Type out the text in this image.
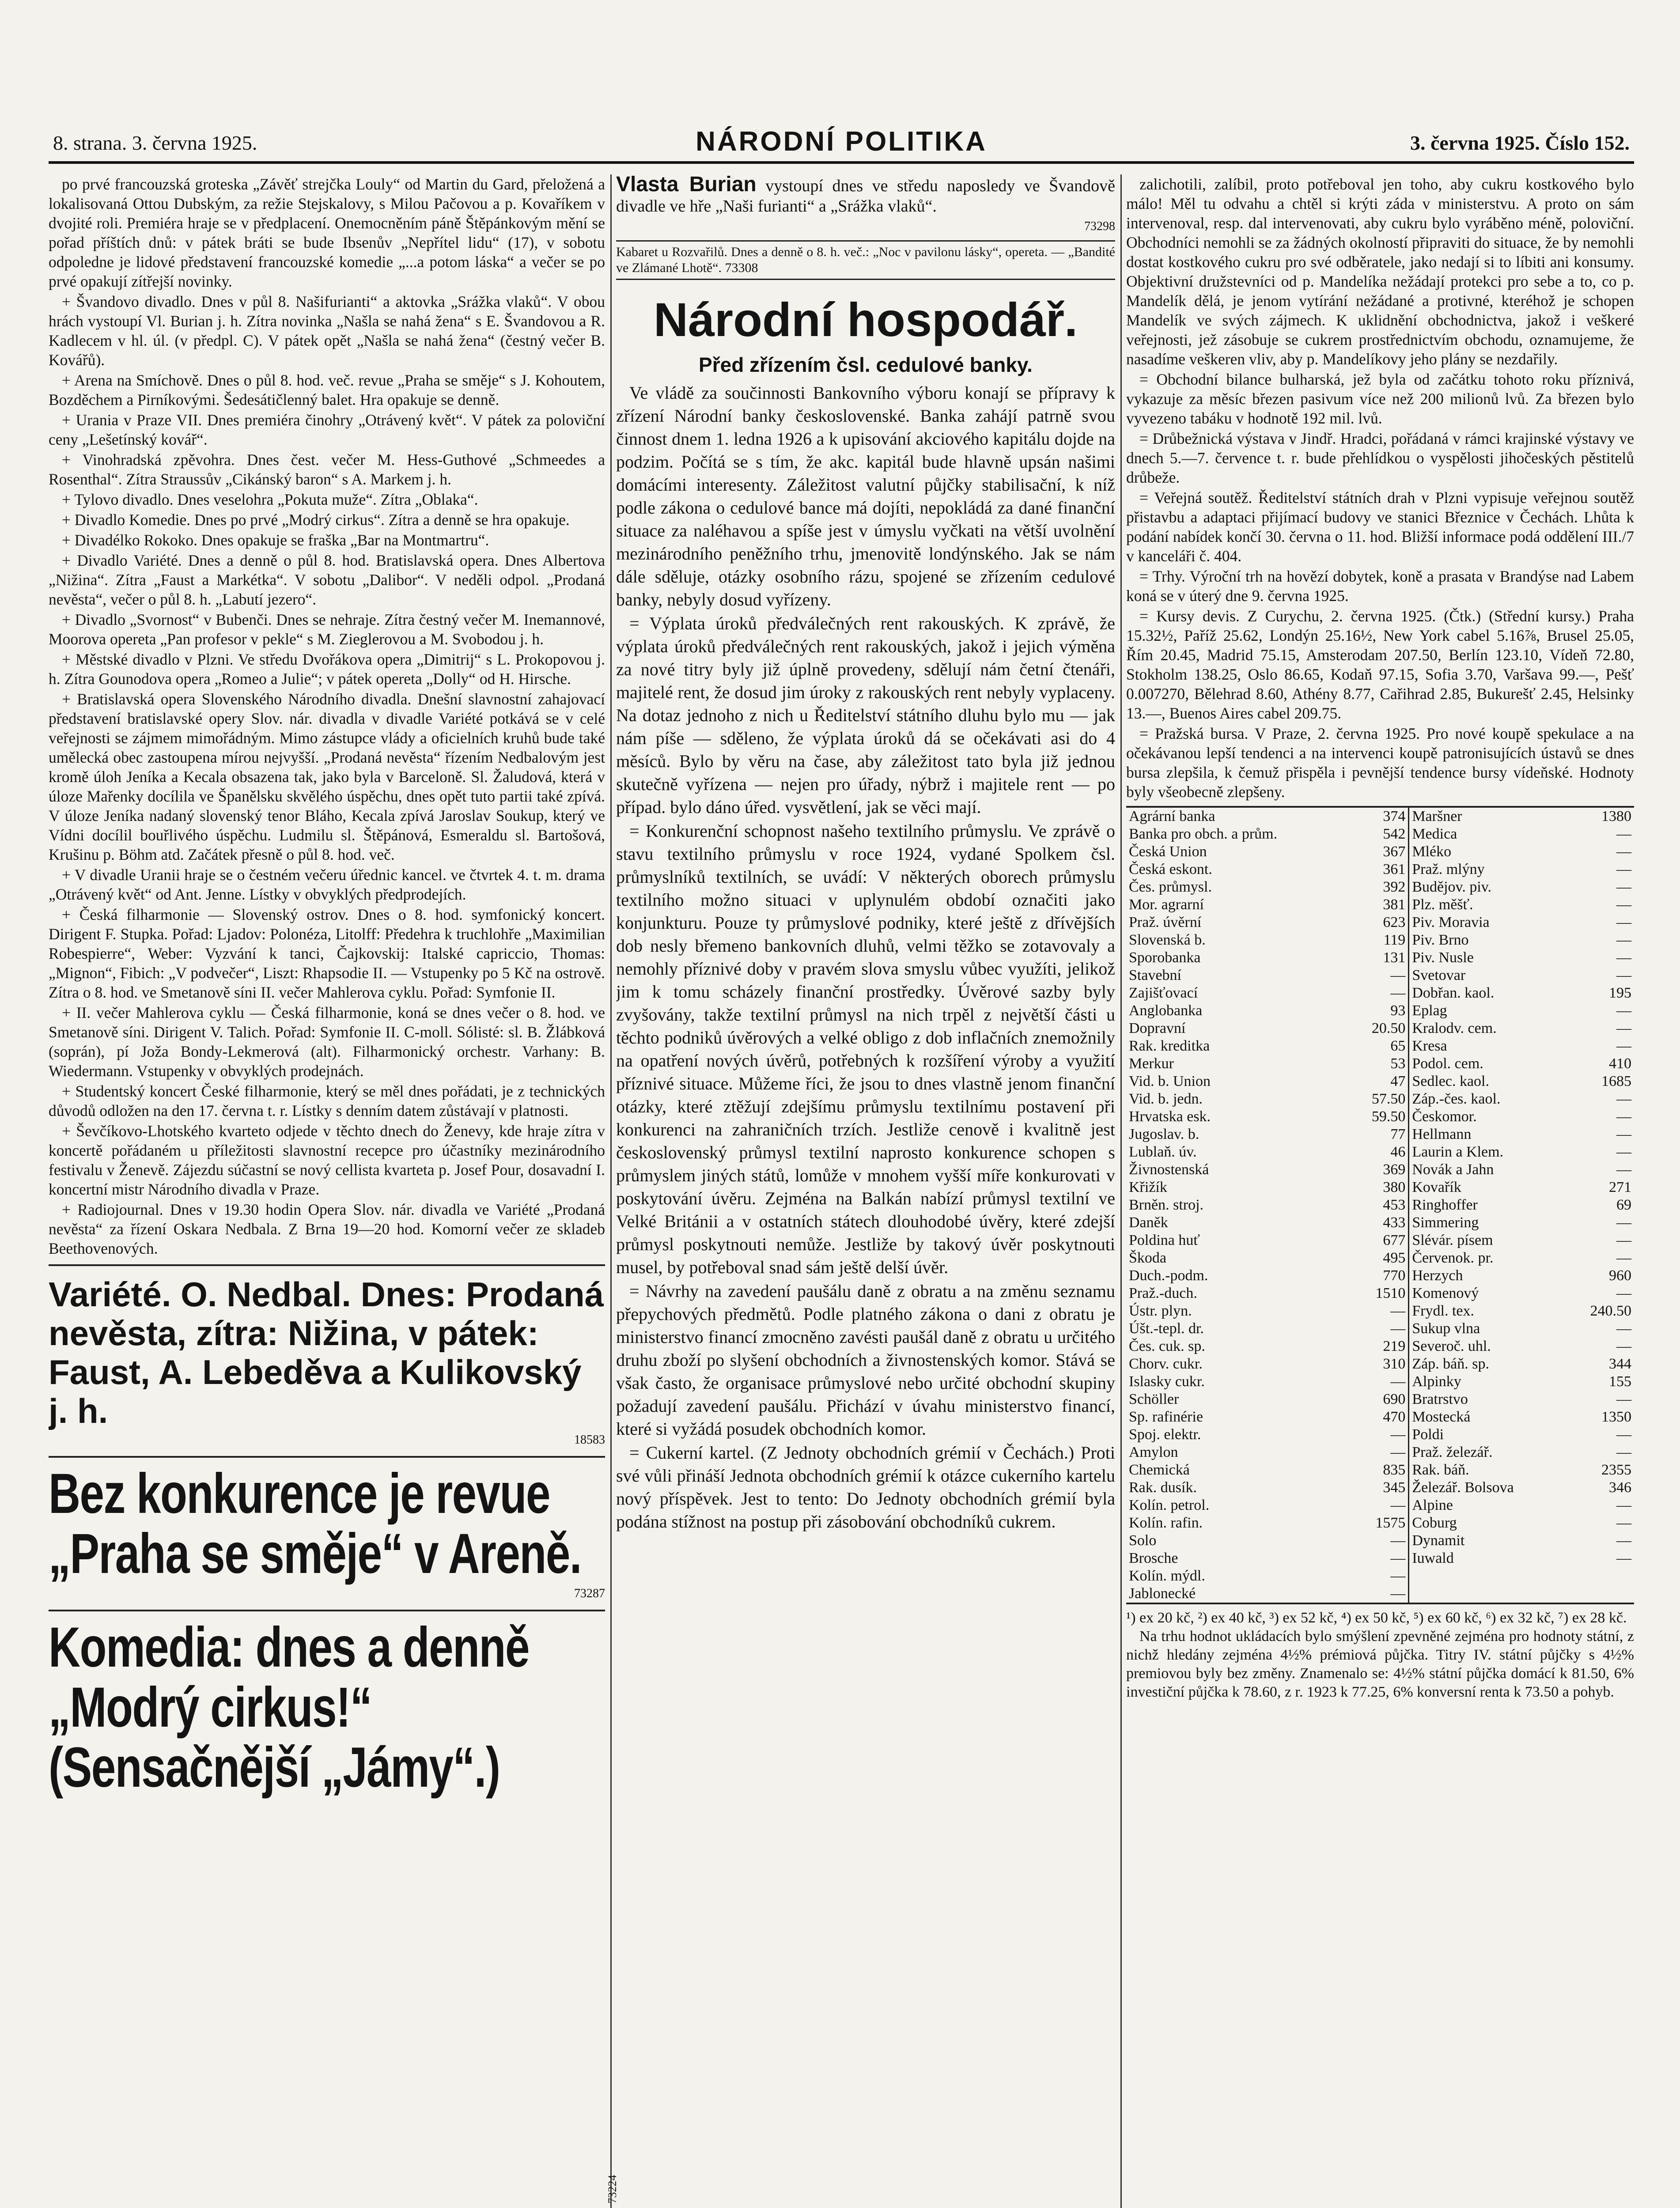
8. strana. 3. června 1925.	NÁRODNÍ POLITIKA	3. června 1925. Číslo 152.

po prvé francouzská groteska „Závěť strejčka Louly“ od Martin du Gard, přeložená a lokalisovaná Ottou Dubským, za režie Stejskalovy, s Milou Pačovou a p. Kovaříkem v dvojité roli. Premiéra hraje se v předplacení. Onemocněním páně Štěpánkovým mění se pořad příštích dnů: v pátek bráti se bude Ibsenův „Nepřítel lidu“ (17), v sobotu odpoledne je lidové představení francouzské komedie „...a potom láska“ a večer se po prvé opakují zítřejší novinky.

+ Švandovo divadlo. Dnes v půl 8. Našifurianti“ a aktovka „Srážka vlaků“. V obou hrách vystoupí Vl. Burian j. h. Zítra novinka „Našla se nahá žena“ s E. Švandovou a R. Kadlecem v hl. úl. (v předpl. C). V pátek opět „Našla se nahá žena“ (čestný večer B. Kovářů).

+ Arena na Smíchově. Dnes o půl 8. hod. več. revue „Praha se směje“ s J. Kohoutem, Bozděchem a Pirníkovými. Šedesátičlenný balet. Hra opakuje se denně.

+ Urania v Praze VII. Dnes premiéra činohry „Otrávený květ“. V pátek za poloviční ceny „Lešetínský kovář“.

+ Vinohradská zpěvohra. Dnes čest. večer M. Hess-Guthové „Schmeedes a Rosenthal“. Zítra Straussův „Cikánský baron“ s A. Markem j. h.

+ Tylovo divadlo. Dnes veselohra „Pokuta muže“. Zítra „Oblaka“.

+ Divadlo Komedie. Dnes po prvé „Modrý cirkus“. Zítra a denně se hra opakuje.

+ Divadélko Rokoko. Dnes opakuje se fraška „Bar na Montmartru“.

+ Divadlo Variété. Dnes a denně o půl 8. hod. Bratislavská opera. Dnes Albertova „Nižina“. Zítra „Faust a Markétka“. V sobotu „Dalibor“. V neděli odpol. „Prodaná nevěsta“, večer o půl 8. h. „Labutí jezero“.

+ Divadlo „Svornost“ v Bubenči. Dnes se nehraje. Zítra čestný večer M. Inemannové, Moorova opereta „Pan profesor v pekle“ s M. Zieglerovou a M. Svobodou j. h.

+ Městské divadlo v Plzni. Ve středu Dvořákova opera „Dimitrij“ s L. Prokopovou j. h. Zítra Gounodova opera „Romeo a Julie“; v pátek opereta „Dolly“ od H. Hirsche.

+ Bratislavská opera Slovenského Národního divadla. Dnešní slavnostní zahajovací představení bratislavské opery Slov. nár. divadla v divadle Variété potkává se v celé veřejnosti se zájmem mimořádným. Mimo zástupce vlády a oficielních kruhů bude také umělecká obec zastoupena mírou nejvyšší. „Prodaná nevěsta“ řízením Nedbalovým jest kromě úloh Jeníka a Kecala obsazena tak, jako byla v Barceloně. Sl. Žaludová, která v úloze Mařenky docílila ve Španělsku skvělého úspěchu, dnes opět tuto partii také zpívá. V úloze Jeníka nadaný slovenský tenor Bláho, Kecala zpívá Jaroslav Soukup, který ve Vídni docílil bouřlivého úspěchu. Ludmilu sl. Štěpánová, Esmeraldu sl. Bartošová, Krušinu p. Böhm atd. Začátek přesně o půl 8. hod. več.

+ V divadle Uranii hraje se o čestném večeru úřednic kancel. ve čtvrtek 4. t. m. drama „Otrávený květ“ od Ant. Jenne. Lístky v obvyklých předprodejích.

+ Česká filharmonie — Slovenský ostrov. Dnes o 8. hod. symfonický koncert. Dirigent F. Stupka. Pořad: Ljadov: Polonéza, Litolff: Předehra k truchlohře „Maximilian Robespierre“, Weber: Vyzvání k tanci, Čajkovskij: Italské capriccio, Thomas: „Mignon“, Fibich: „V podvečer“, Liszt: Rhapsodie II. — Vstupenky po 5 Kč na ostrově. Zítra o 8. hod. ve Smetanově síni II. večer Mahlerova cyklu. Pořad: Symfonie II.

+ II. večer Mahlerova cyklu — Česká filharmonie, koná se dnes večer o 8. hod. ve Smetanově síni. Dirigent V. Talich. Pořad: Symfonie II. C-moll. Sólisté: sl. B. Žlábková (soprán), pí Joža Bondy-Lekmerová (alt). Filharmonický orchestr. Varhany: B. Wiedermann. Vstupenky v obvyklých prodejnách.

+ Studentský koncert České filharmonie, který se měl dnes pořádati, je z technických důvodů odložen na den 17. června t. r. Lístky s denním datem zůstávají v platnosti.

+ Ševčíkovo-Lhotského kvarteto odjede v těchto dnech do Ženevy, kde hraje zítra v koncertě pořádaném u příležitosti slavnostní recepce pro účastníky mezinárodního festivalu v Ženevě. Zájezdu súčastní se nový cellista kvarteta p. Josef Pour, dosavadní I. koncertní mistr Národního divadla v Praze.

+ Radiojournal. Dnes v 19.30 hodin Opera Slov. nár. divadla ve Variété „Prodaná nevěsta“ za řízení Oskara Nedbala. Z Brna 19—20 hod. Komorní večer ze skladeb Beethovenových.

Variété. O. Nedbal. Dnes: Prodaná nevěsta, zítra: Nižina, v pátek: Faust, A. Lebeděva a Kulikovský j. h.
18583
Bez konkurence je revue „Praha se směje“ v Areně.
73287
Komedia: dnes a denně „Modrý cirkus!“ (Sensačnější „Jámy“.)
73224
Vlasta Burian vystoupí dnes ve středu naposledy ve Švandově divadle ve hře „Naši furianti“ a „Srážka vlaků“.
73298
Kabaret u Rozvařilů. Dnes a denně o 8. h. več.: „Noc v pavilonu lásky“, opereta. — „Bandité ve Zlámané Lhotě“. 73308
Národní hospodář.
Před zřízením čsl. cedulové banky.

Ve vládě za součinnosti Bankovního výboru konají se přípravy k zřízení Národní banky československé. Banka zahájí patrně svou činnost dnem 1. ledna 1926 a k upisování akciového kapitálu dojde na podzim. Počítá se s tím, že akc. kapitál bude hlavně upsán našimi domácími interesenty. Záležitost valutní půjčky stabilisační, k níž podle zákona o cedulové bance má dojíti, nepokládá za dané finanční situace za naléhavou a spíše jest v úmyslu vyčkati na větší uvolnění mezinárodního peněžního trhu, jmenovitě londýnského. Jak se nám dále sděluje, otázky osobního rázu, spojené se zřízením cedulové banky, nebyly dosud vyřízeny.

= Výplata úroků předválečných rent rakouských. K zprávě, že výplata úroků předválečných rent rakouských, jakož i jejich výměna za nové titry byly již úplně provedeny, sdělují nám četní čtenáři, majitelé rent, že dosud jim úroky z rakouských rent nebyly vyplaceny. Na dotaz jednoho z nich u Ředitelství státního dluhu bylo mu — jak nám píše — sděleno, že výplata úroků dá se očekávati asi do 4 měsíců. Bylo by věru na čase, aby záležitost tato byla již jednou skutečně vyřízena — nejen pro úřady, nýbrž i majitele rent — po případ. bylo dáno úřed. vysvětlení, jak se věci mají.

= Konkurenční schopnost našeho textilního průmyslu. Ve zprávě o stavu textilního průmyslu v roce 1924, vydané Spolkem čsl. průmyslníků textilních, se uvádí: V některých oborech průmyslu textilního možno situaci v uplynulém období označiti jako konjunkturu. Pouze ty průmyslové podniky, které ještě z dřívějších dob nesly břemeno bankovních dluhů, velmi těžko se zotavovaly a nemohly příznivé doby v pravém slova smyslu vůbec využíti, jelikož jim k tomu scházely finanční prostředky. Úvěrové sazby byly zvyšovány, takže textilní průmysl na nich trpěl z největší části u těchto podniků úvěrových a velké obligo z dob inflačních znemožnily na opatření nových úvěrů, potřebných k rozšíření výroby a využití příznivé situace. Můžeme říci, že jsou to dnes vlastně jenom finanční otázky, které ztěžují zdejšímu průmyslu textilnímu postavení při konkurenci na zahraničních trzích. Jestliže cenově i kvalitně jest československý průmysl textilní naprosto konkurence schopen s průmyslem jiných států, lomůže v mnohem vyšší míře konkurovati v poskytování úvěru. Zejména na Balkán nabízí průmysl textilní ve Velké Británii a v ostatních státech dlouhodobé úvěry, které zdejší průmysl poskytnouti nemůže. Jestliže by takový úvěr poskytnouti musel, by potřeboval snad sám ještě delší úvěr.

= Návrhy na zavedení paušálu daně z obratu a na změnu seznamu přepychových předmětů. Podle platného zákona o dani z obratu je ministerstvo financí zmocněno zavésti paušál daně z obratu u určitého druhu zboží po slyšení obchodních a živnostenských komor. Stává se však často, že organisace průmyslové nebo určité obchodní skupiny požadují zavedení paušálu. Přichází v úvahu ministerstvo financí, které si vyžádá posudek obchodních komor.

= Cukerní kartel. (Z Jednoty obchodních grémií v Čechách.) Proti své vůli přináší Jednota obchodních grémií k otázce cukerního kartelu nový příspěvek. Jest to tento: Do Jednoty obchodních grémií byla podána stížnost na postup při zásobování obchodníků cukrem.

zalichotili, zalíbil, proto potřeboval jen toho, aby cukru kostkového bylo málo! Měl tu odvahu a chtěl si krýti záda v ministerstvu. A proto on sám intervenoval, resp. dal intervenovati, aby cukru bylo vyráběno méně, poloviční. Obchodníci nemohli se za žádných okolností připraviti do situace, že by nemohli dostat kostkového cukru pro své odběratele, jako nedají si to líbiti ani konsumy. Objektivní družstevníci od p. Mandelíka nežádají protekci pro sebe a to, co p. Mandelík dělá, je jenom vytírání nežádané a protivné, kteréhož je schopen Mandelík ve svých zájmech. K uklidnění obchodnictva, jakož i veškeré veřejnosti, jež zásobuje se cukrem prostřednictvím obchodu, oznamujeme, že nasadíme veškeren vliv, aby p. Mandelíkovy jeho plány se nezdařily.

= Obchodní bilance bulharská, jež byla od začátku tohoto roku příznivá, vykazuje za měsíc březen pasivum více než 200 milionů lvů. Za březen bylo vyvezeno tabáku v hodnotě 192 mil. lvů.

= Drůbežnická výstava v Jindř. Hradci, pořádaná v rámci krajinské výstavy ve dnech 5.—7. července t. r. bude přehlídkou o vyspělosti jihočeských pěstitelů drůbeže.

= Veřejná soutěž. Ředitelství státních drah v Plzni vypisuje veřejnou soutěž přistavbu a adaptaci přijímací budovy ve stanici Březnice v Čechách. Lhůta k podání nabídek končí 30. června o 11. hod. Bližší informace podá oddělení III./7 v kanceláři č. 404.

= Trhy. Výroční trh na hovězí dobytek, koně a prasata v Brandýse nad Labem koná se v úterý dne 9. června 1925.

= Kursy devis. Z Curychu, 2. června 1925. (Čtk.) (Střední kursy.) Praha 15.32½, Paříž 25.62, Londýn 25.16½, New York cabel 5.16⅞, Brusel 25.05, Řím 20.45, Madrid 75.15, Amsterodam 207.50, Berlín 123.10, Vídeň 72.80, Stokholm 138.25, Oslo 86.65, Kodaň 97.15, Sofia 3.70, Varšava 99.—, Pešť 0.007270, Bělehrad 8.60, Athény 8.77, Cařihrad 2.85, Bukurešť 2.45, Helsinky 13.—, Buenos Aires cabel 209.75.

= Pražská bursa. V Praze, 2. června 1925. Pro nové koupě spekulace a na očekávanou lepší tendenci a na intervenci koupě patronisujících ústavů se dnes bursa zlepšila, k čemuž přispěla i pevnější tendence bursy vídeňské. Hodnoty byly všeobecně zlepšeny.

Agrární banka	374	Maršner	1380
Banka pro obch. a prům.	542	Medica	—
Česká Union	367	Mléko	—
Česká eskont.	361	Praž. mlýny	—
Čes. průmysl.	392	Budějov. piv.	—
Mor. agrarní	381	Plz. měšť.	—
Praž. úvěrní	623	Piv. Moravia	—
Slovenská b.	119	Piv. Brno	—
Sporobanka	131	Piv. Nusle	—
Stavební	—	Svetovar	—
Zajišťovací	—	Dobřan. kaol.	195
Anglobanka	93	Eplag	—
Dopravní	20.50	Kralodv. cem.	—
Rak. kreditka	65	Kresa	—
Merkur	53	Podol. cem.	410
Vid. b. Union	47	Sedlec. kaol.	1685
Vid. b. jedn.	57.50	Záp.-čes. kaol.	—
Hrvatska esk.	59.50	Českomor.	—
Jugoslav. b.	77	Hellmann	—
Lublaň. úv.	46	Laurin a Klem.	—
Živnostenská	369	Novák a Jahn	—
Křižík	380	Kovařík	271
Brněn. stroj.	453	Ringhoffer	69
Daněk	433	Simmering	—
Poldina huť	677	Slévár. písem	—
Škoda	495	Červenok. pr.	—
Duch.-podm.	770	Herzych	960
Praž.-duch.	1510	Komenový	—
Ústr. plyn.	—	Frydl. tex.	240.50
Úšt.-tepl. dr.	—	Sukup vlna	—
Čes. cuk. sp.	219	Severoč. uhl.	—
Chorv. cukr.	310	Záp. báň. sp.	344
Islasky cukr.	—	Alpinky	155
Schöller	690	Bratrstvo	—
Sp. rafinérie	470	Mostecká	1350
Spoj. elektr.	—	Poldi	—
Amylon	—	Praž. železář.	—
Chemická	835	Rak. báň.	2355
Rak. dusík.	345	Železář. Bolsova	346
Kolín. petrol.	—	Alpine	—
Kolín. rafin.	1575	Coburg	—
Solo	—	Dynamit	—
Brosche	—	Iuwald	—
Kolín. mýdl.	—		
Jablonecké	—		
¹) ex 20 kč, ²) ex 40 kč, ³) ex 52 kč, ⁴) ex 50 kč, ⁵) ex 60 kč, ⁶) ex 32 kč, ⁷) ex 28 kč.

Na trhu hodnot ukládacích bylo smýšlení zpevněné zejména pro hodnoty státní, z nichž hledány zejména 4½% prémiová půjčka. Titry IV. státní půjčky s 4½% premiovou byly bez změny. Znamenalo se: 4½% státní půjčka domácí k 81.50, 6% investiční půjčka k 78.60, z r. 1923 k 77.25, 6% konversní renta k 73.50 a pohyb.
